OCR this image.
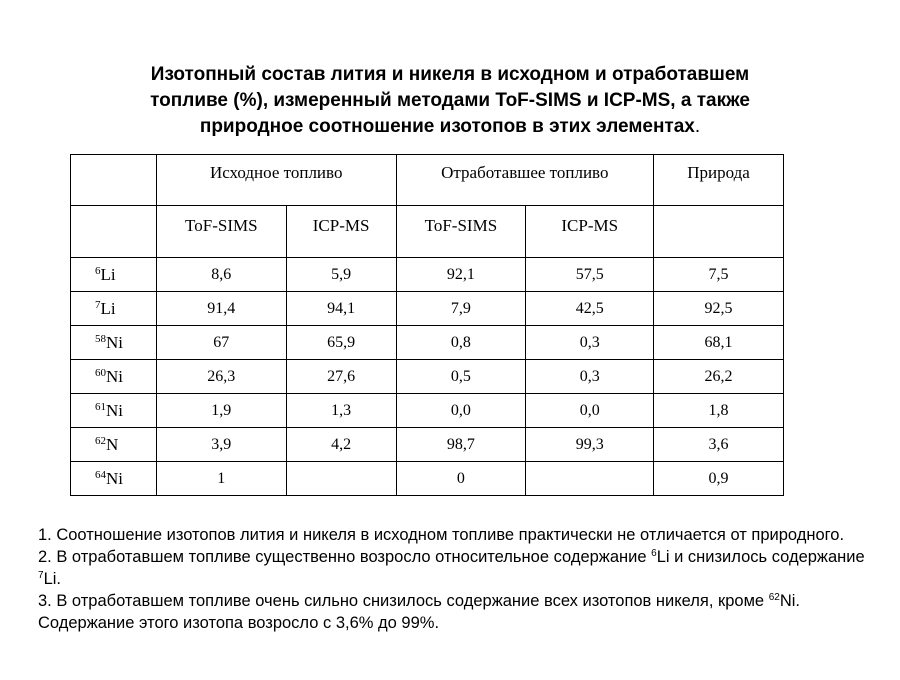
Изотопный состав лития и никеля в исходном и отработавшем
топливе (%), измеренный методами ToF-SIMS и ICP-MS, а также
природное соотношение изотопов в этих элементах.
	Исходное топливо		Отработавшее топливо		Природа
	ToF-SIMS	ICP-MS	ToF-SIMS	ICP-MS	
$^6$Li	8,6	5,9	92,1	57,5	7,5
$^7$Li	91,4	94,1	7,9	42,5	92,5
$^{58}$Ni	67	65,9	0,8	0,3	68,1
$^{60}$Ni	26,3	27,6	0,5	0,3	26,2
$^{61}$Ni	1,9	1,3	0,0	0,0	1,8
$^{62}$N	3,9	4,2	98,7	99,3	3,6
$^{64}$Ni	1		0		0,9

1. Соотношение изотопов лития и никеля в исходном топливе практически не отличается от природного.

2. В отработавшем топливе существенно возросло относительное содержание $^6$Li и снизилось содержание $^7$Li.

3. В отработавшем топливе очень сильно снизилось содержание всех изотопов никеля, кроме $^{62}$Ni. Содержание этого изотопа возросло с 3,6% до 99%.
